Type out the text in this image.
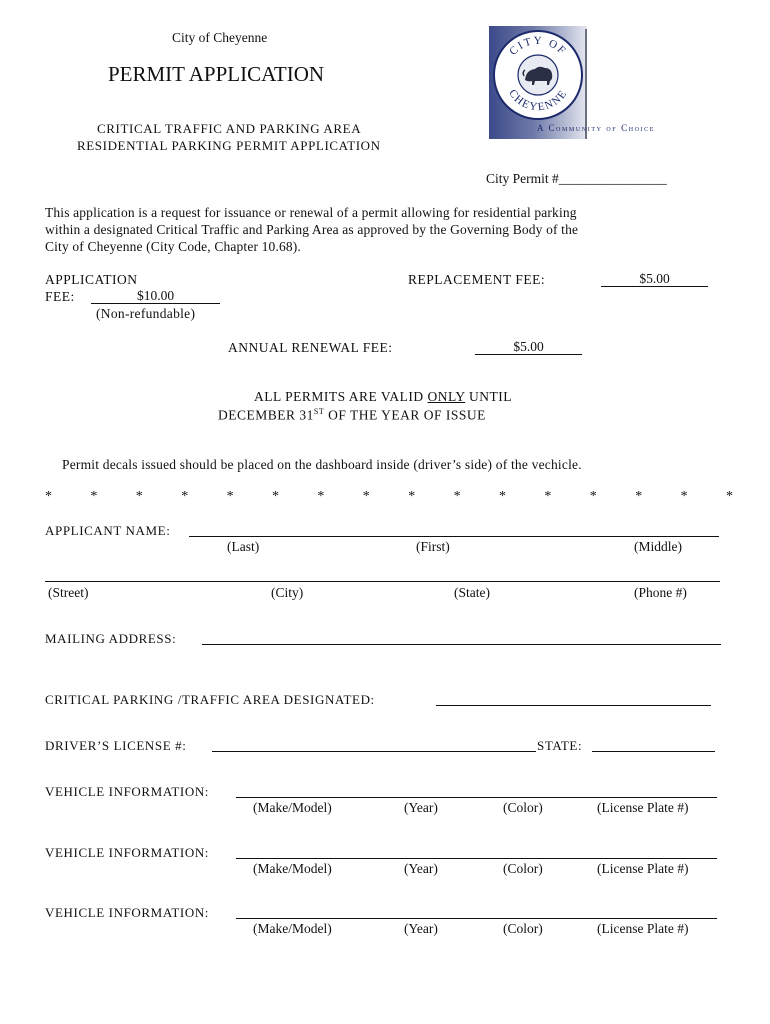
City of Cheyenne
PERMIT APPLICATION
CRITICAL TRAFFIC AND PARKING AREA
RESIDENTIAL PARKING PERMIT APPLICATION
CITY OF
CHEYENNE
A Community of Choice
City Permit #________________
This application is a request for issuance or renewal of a permit allowing for residential parking
within a designated Critical Traffic and Parking Area as approved by the Governing Body of the
City of Cheyenne (City Code, Chapter 10.68).
APPLICATION
FEE:	$10.00
(Non-refundable)
REPLACEMENT FEE:	$5.00
ANNUAL RENEWAL FEE:	$5.00
ALL PERMITS ARE VALID ONLY UNTIL
DECEMBER 31ST OF THE YEAR OF ISSUE
Permit decals issued should be placed on the dashboard inside (driver’s side) of the vechicle.
*	*	*	*	*	*	*	*	*	*	*	*	*	*	*	*
APPLICANT NAME:
(Last)	(First)	(Middle)
(Street)	(City)	(State)	(Phone #)
MAILING ADDRESS:
CRITICAL PARKING /TRAFFIC AREA DESIGNATED:
DRIVER’S LICENSE #:	STATE:
VEHICLE INFORMATION:
(Make/Model)	(Year)	(Color)	(License Plate #)
VEHICLE INFORMATION:
(Make/Model)	(Year)	(Color)	(License Plate #)
VEHICLE INFORMATION:
(Make/Model)	(Year)	(Color)	(License Plate #)
